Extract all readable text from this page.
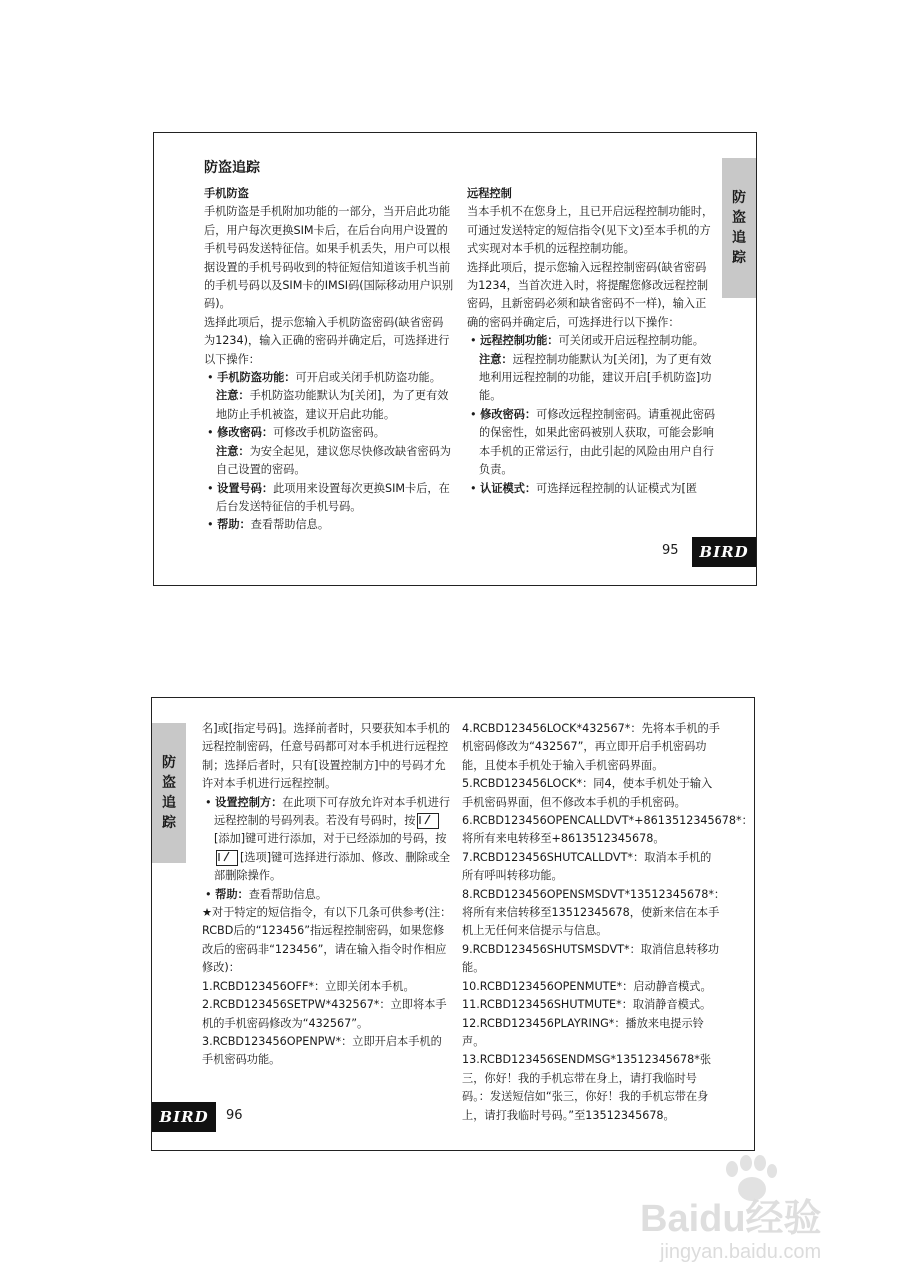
防盗追踪

手机防盗

手机防盗是手机附加功能的一部分，当开启此功能后，用户每次更换SIM卡后，在后台向用户设置的手机号码发送特征信。如果手机丢失，用户可以根据设置的手机号码收到的特征短信知道该手机当前的手机号码以及SIM卡的IMSI码(国际移动用户识别码)。

选择此项后，提示您输入手机防盗密码(缺省密码为1234)，输入正确的密码并确定后，可选择进行以下操作：

• 手机防盗功能：可开启或关闭手机防盗功能。

注意：手机防盗功能默认为[关闭]，为了更有效地防止手机被盗，建议开启此功能。

• 修改密码：可修改手机防盗密码。

注意：为安全起见，建议您尽快修改缺省密码为自己设置的密码。

• 设置号码：此项用来设置每次更换SIM卡后，在后台发送特征信的手机号码。

• 帮助：查看帮助信息。

远程控制

当本手机不在您身上，且已开启远程控制功能时，可通过发送特定的短信指令(见下文)至本手机的方式实现对本手机的远程控制功能。

选择此项后，提示您输入远程控制密码(缺省密码为1234，当首次进入时，将提醒您修改远程控制密码，且新密码必须和缺省密码不一样)，输入正确的密码并确定后，可选择进行以下操作：

• 远程控制功能：可关闭或开启远程控制功能。

注意：远程控制功能默认为[关闭]，为了更有效地利用远程控制的功能，建议开启[手机防盗]功能。

• 修改密码：可修改远程控制密码。请重视此密码的保密性，如果此密码被别人获取，可能会影响本手机的正常运行，由此引起的风险由用户自行负责。

• 认证模式：可选择远程控制的认证模式为[匿

防
盗
追
踪
95	BIRD
防
盗
追
踪

名]或[指定号码]。选择前者时，只要获知本手机的远程控制密码，任意号码都可对本手机进行远程控制；选择后者时，只有[设置控制方]中的号码才允许对本手机进行远程控制。

• 设置控制方：在此项下可存放允许对本手机进行远程控制的号码列表。若没有号码时，按[添加]键可进行添加，对于已经添加的号码，按[选项]键可选择进行添加、修改、删除或全部删除操作。

• 帮助：查看帮助信息。

★对于特定的短信指令，有以下几条可供参考(注：RCBD后的“123456”指远程控制密码，如果您修改后的密码非“123456”，请在输入指令时作相应修改)：

1.RCBD123456OFF*：立即关闭本手机。

2.RCBD123456SETPW*432567*：立即将本手机的手机密码修改为“432567”。

3.RCBD123456OPENPW*：立即开启本手机的手机密码功能。

4.RCBD123456LOCK*432567*：先将本手机的手机密码修改为“432567”，再立即开启手机密码功能，且使本手机处于输入手机密码界面。

5.RCBD123456LOCK*：同4，使本手机处于输入手机密码界面，但不修改本手机的手机密码。

6.RCBD123456OPENCALLDVT*+8613512345678*：将所有来电转移至+8613512345678。

7.RCBD123456SHUTCALLDVT*：取消本手机的所有呼叫转移功能。

8.RCBD123456OPENSMSDVT*13512345678*：将所有来信转移至13512345678，使新来信在本手机上无任何来信提示与信息。

9.RCBD123456SHUTSMSDVT*：取消信息转移功能。

10.RCBD123456OPENMUTE*：启动静音模式。

11.RCBD123456SHUTMUTE*：取消静音模式。

12.RCBD123456PLAYRING*：播放来电提示铃声。

13.RCBD123456SENDMSG*13512345678*张三，你好！我的手机忘带在身上，请打我临时号码。：发送短信如“张三，你好！我的手机忘带在身上，请打我临时号码。”至13512345678。

BIRD	96
Baidu经验
jingyan.baidu.com
